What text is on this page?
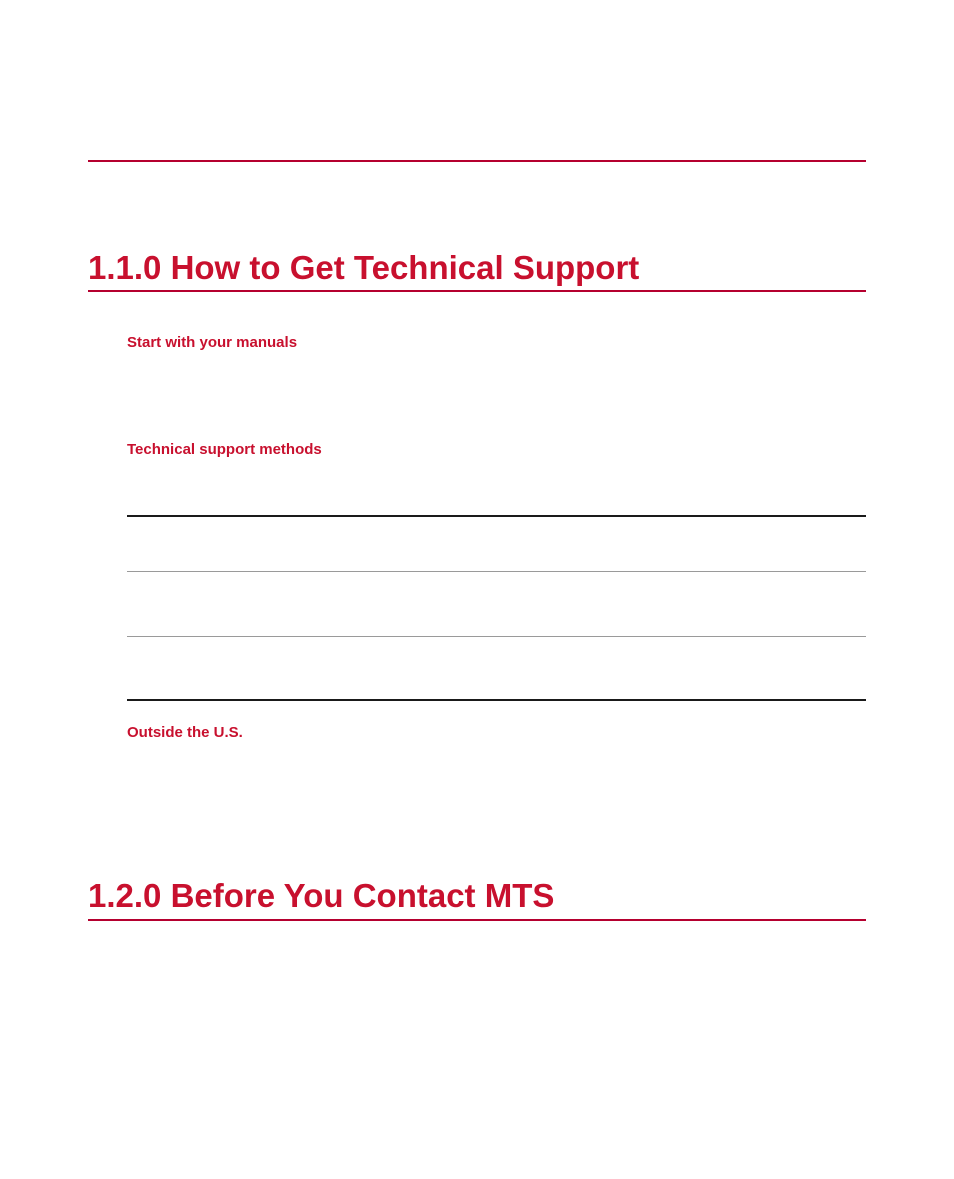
1.1.0 How to Get Technical Support
Start with your manuals
Technical support methods
Outside the U.S.
1.2.0 Before You Contact MTS
